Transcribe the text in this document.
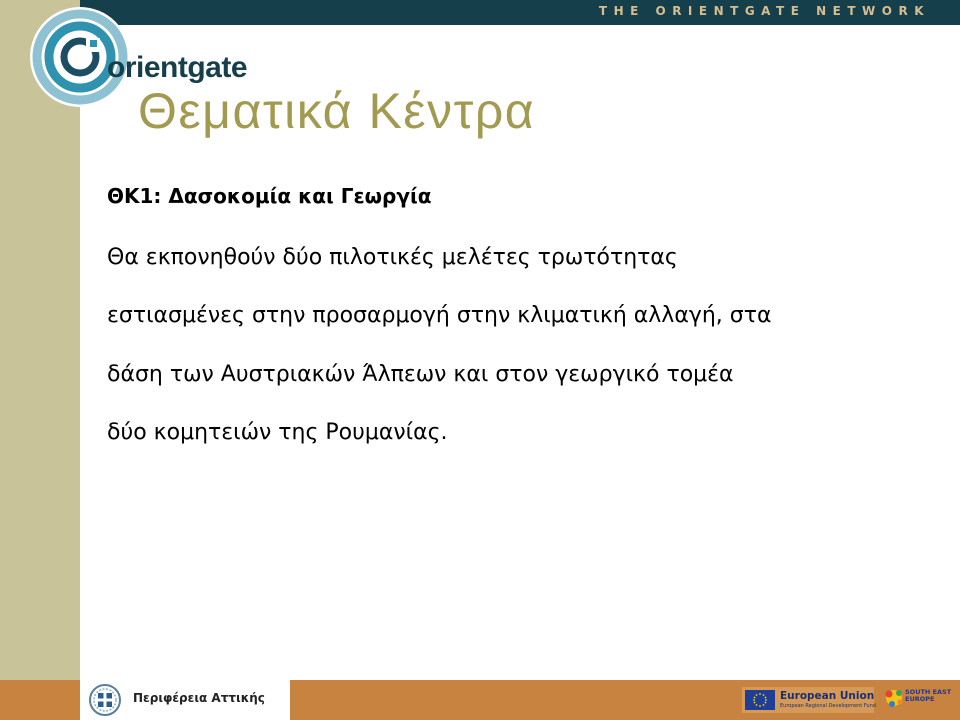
THE ORIENTGATE NETWORK
orientgate
Θεματικά Κέντρα
ΘΚ1: Δασοκομία και Γεωργία
Θα εκπονηθούν δύο πιλοτικές μελέτες τρωτότητας
εστιασμένες στην προσαρμογή στην κλιματική αλλαγή, στα
δάση των Αυστριακών Άλπεων και στον γεωργικό τομέα
δύο κομητειών της Ρουμανίας.
Περιφέρεια Αττικής	European Union
European Regional Development Fund
SOUTH EAST
EUROPE
